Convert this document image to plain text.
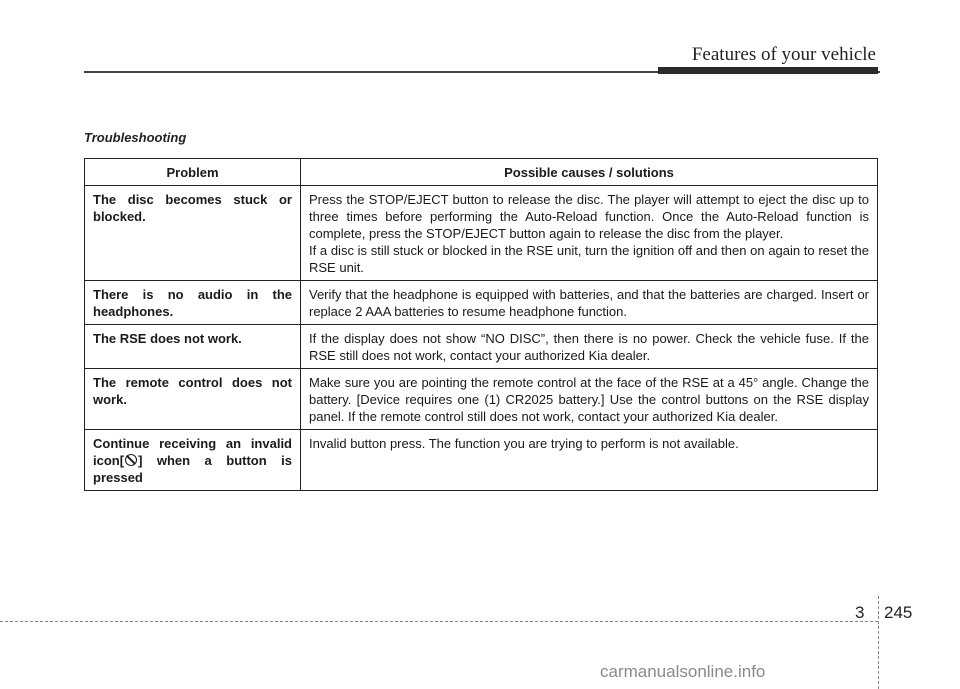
Features of your vehicle
Troubleshooting
Problem	Possible causes / solutions
The disc becomes stuck or blocked.	Press the STOP/EJECT button to release the disc. The player will attempt to eject the disc up to three times before performing the Auto-Reload function. Once the Auto-Reload function is complete, press the STOP/EJECT button again to release the disc from the player.
If a disc is still stuck or blocked in the RSE unit, turn the ignition off and then on again to reset the RSE unit.

There is no audio in the headphones.	Verify that the headphone is equipped with batteries, and that the batteries are charged. Insert or replace 2 AAA batteries to resume headphone function.

The RSE does not work.	If the display does not show “NO DISC”, then there is no power. Check the vehicle fuse. If the RSE still does not work, contact your authorized Kia dealer.

The remote control does not work.	Make sure you are pointing the remote control at the face of the RSE at a 45° angle. Change the battery. [Device requires one (1) CR2025 battery.] Use the control buttons on the RSE display panel. If the remote control still does not work, contact your authorized Kia dealer.

Continue receiving an invalid icon[ ] when a button is pressed	Invalid button press. The function you are trying to perform is not available.
3 245
carmanualsonline.info
